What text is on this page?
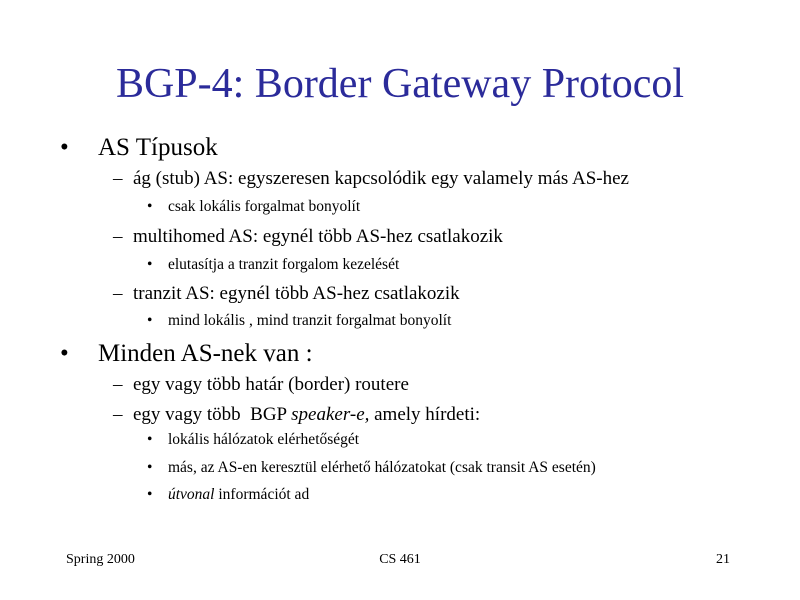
BGP-4: Border Gateway Protocol
• AS Típusok
– ág (stub) AS: egyszeresen kapcsolódik egy valamely más AS-hez
• csak lokális forgalmat bonyolít
– multihomed AS: egynél több AS-hez csatlakozik
• elutasítja a tranzit forgalom kezelését
– tranzit AS: egynél több AS-hez csatlakozik
• mind lokális , mind tranzit forgalmat bonyolít
• Minden AS-nek van :
– egy vagy több határ (border) routere
– egy vagy több  BGP speaker-e, amely hírdeti:
• lokális hálózatok elérhetőségét
• más, az AS-en keresztül elérhető hálózatokat (csak transit AS esetén)
• útvonal információt ad
Spring 2000	CS 461	21
